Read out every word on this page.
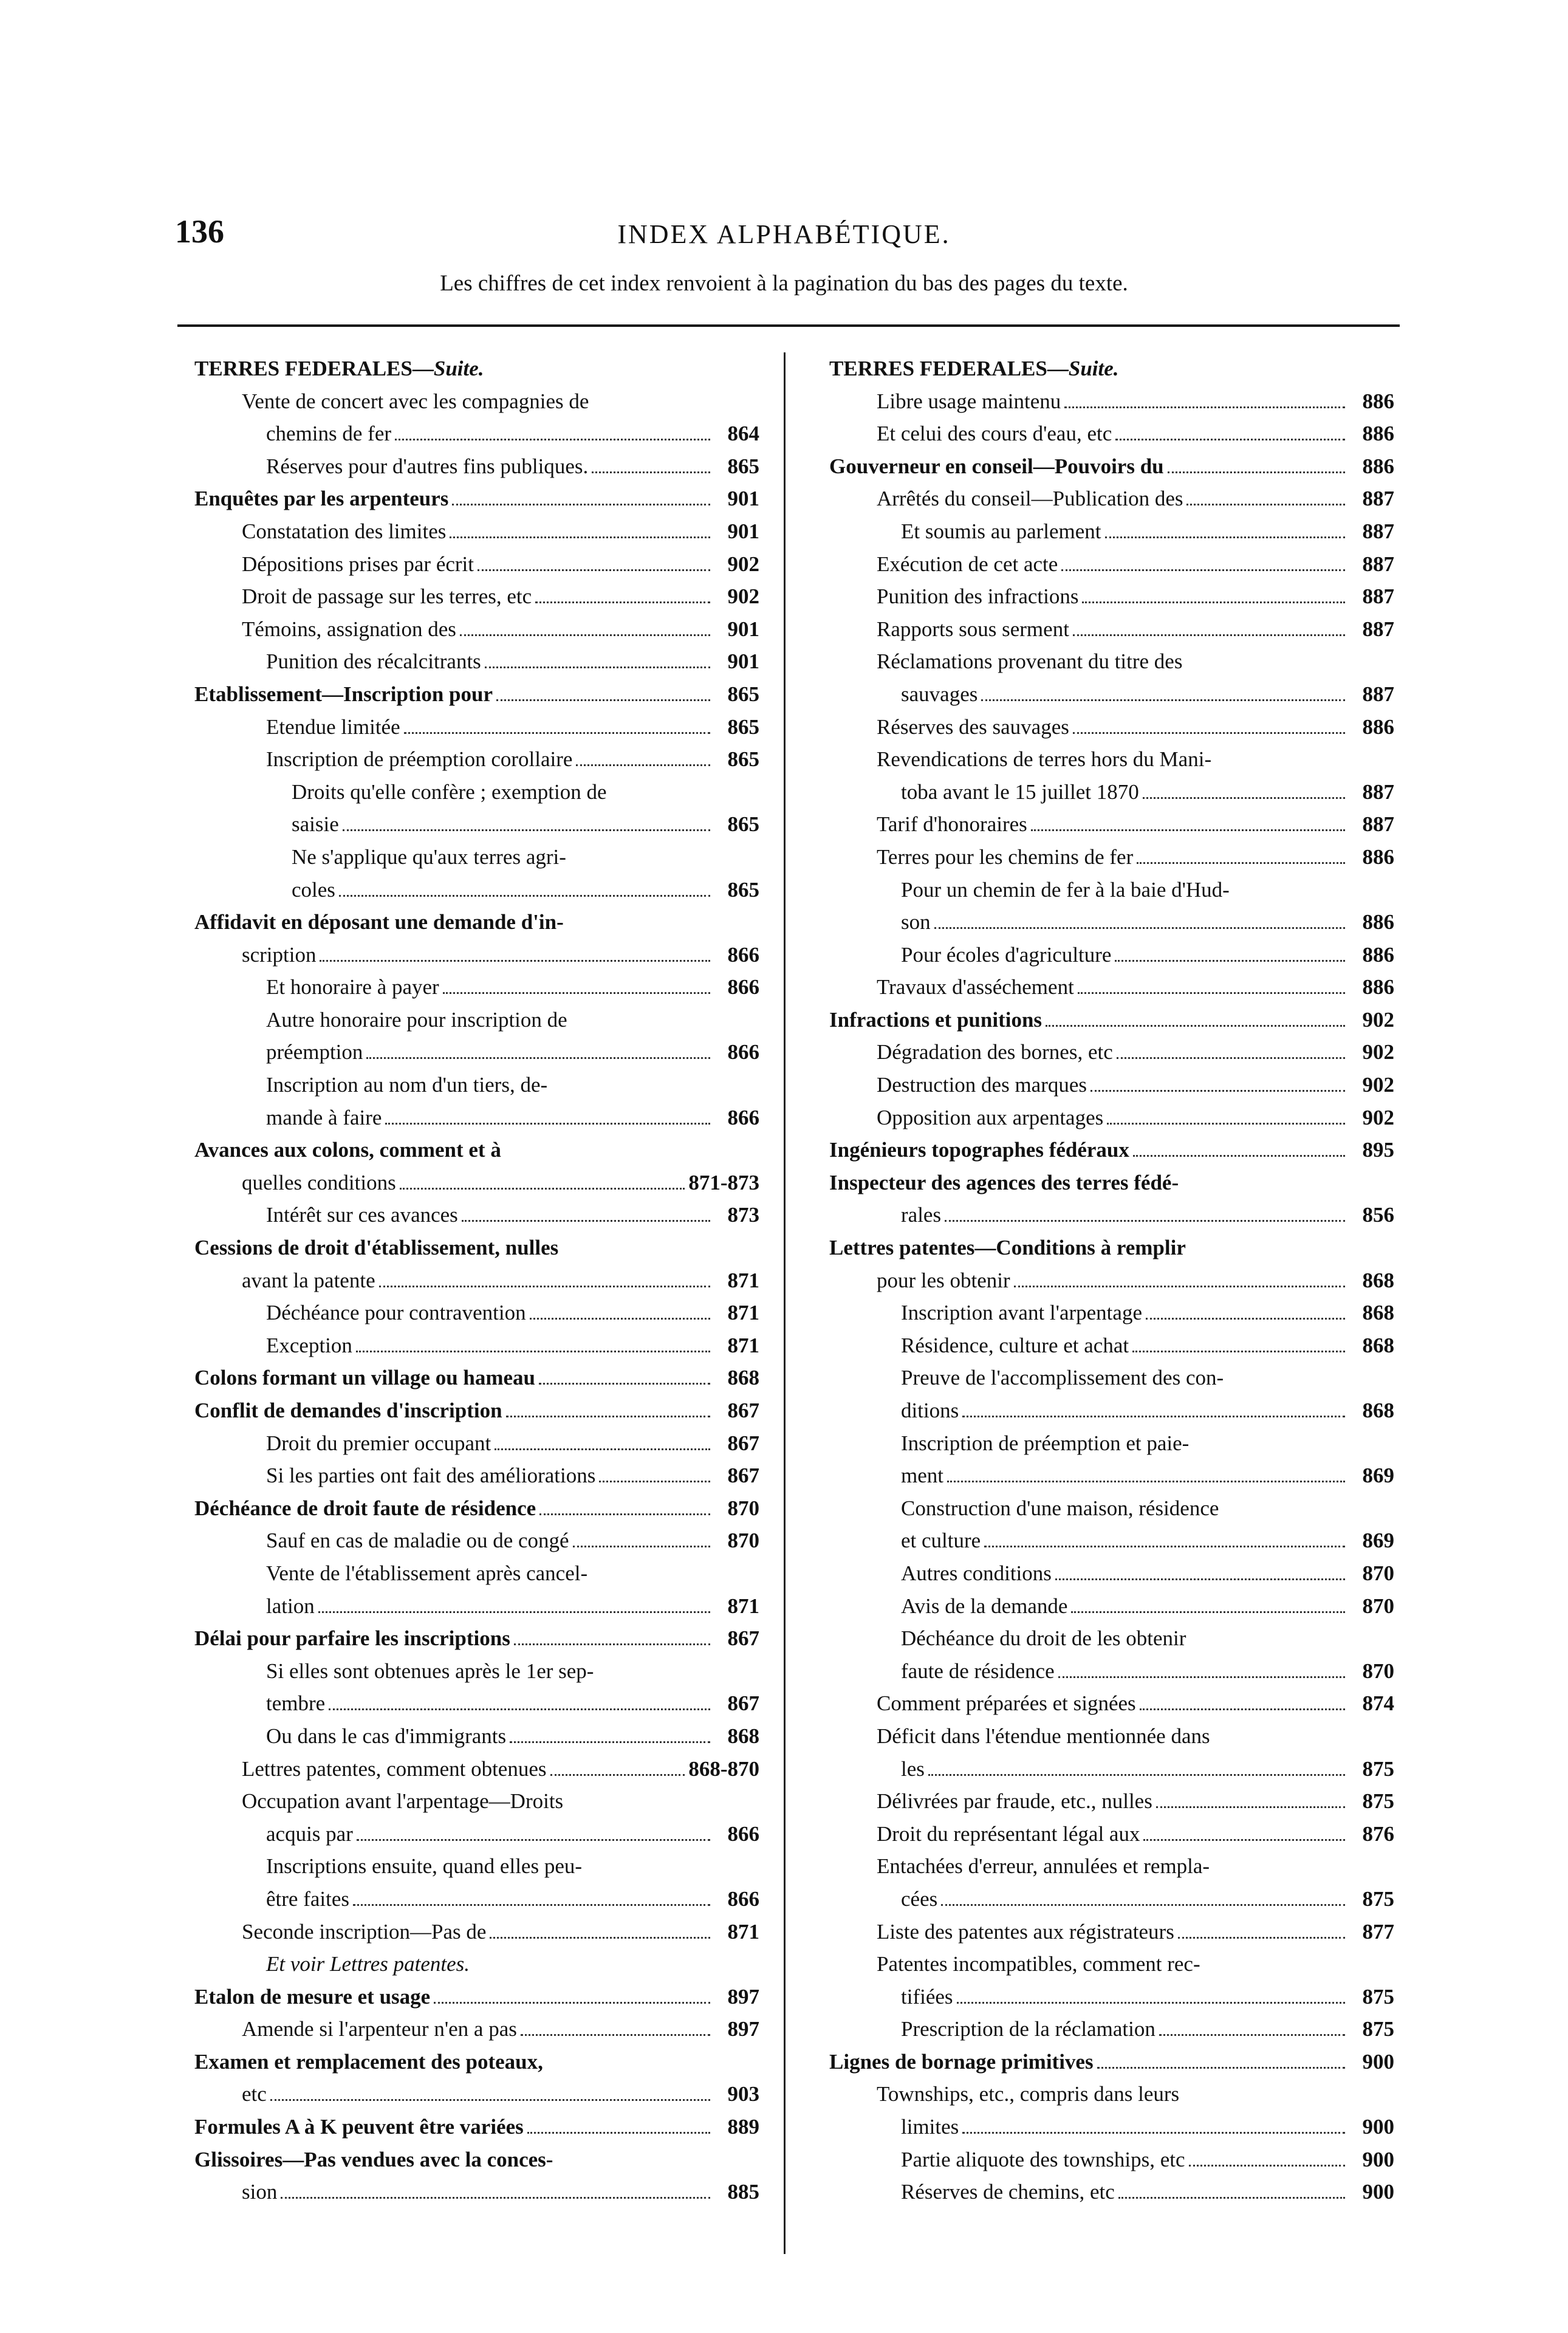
136	INDEX ALPHABÉTIQUE.
Les chiffres de cet index renvoient à la pagination du bas des pages du texte.
TERRES FEDERALES—Suite.
Vente de concert avec les compagnies de
chemins de fer	864
Réserves pour d'autres fins publiques.	865
Enquêtes par les arpenteurs	901
Constatation des limites	901
Dépositions prises par écrit	902
Droit de passage sur les terres, etc	902
Témoins, assignation des	901
Punition des récalcitrants	901
Etablissement—Inscription pour	865
Etendue limitée	865
Inscription de préemption corollaire	865
Droits qu'elle confère ; exemption de
saisie	865
Ne s'applique qu'aux terres agri-
coles	865
Affidavit en déposant une demande d'in-
scription	866
Et honoraire à payer	866
Autre honoraire pour inscription de
préemption	866
Inscription au nom d'un tiers, de-
mande à faire	866
Avances aux colons, comment et à
quelles conditions	871-873
Intérêt sur ces avances	873
Cessions de droit d'établissement, nulles
avant la patente	871
Déchéance pour contravention	871
Exception	871
Colons formant un village ou hameau	868
Conflit de demandes d'inscription	867
Droit du premier occupant	867
Si les parties ont fait des améliorations	867
Déchéance de droit faute de résidence	870
Sauf en cas de maladie ou de congé	870
Vente de l'établissement après cancel-
lation	871
Délai pour parfaire les inscriptions	867
Si elles sont obtenues après le 1er sep-
tembre	867
Ou dans le cas d'immigrants	868
Lettres patentes, comment obtenues	868-870
Occupation avant l'arpentage—Droits
acquis par	866
Inscriptions ensuite, quand elles peu-
être faites	866
Seconde inscription—Pas de	871
Et voir Lettres patentes.
Etalon de mesure et usage	897
Amende si l'arpenteur n'en a pas	897
Examen et remplacement des poteaux,
etc	903
Formules A à K peuvent être variées	889
Glissoires—Pas vendues avec la conces-
sion	885
TERRES FEDERALES—Suite.
Libre usage maintenu	886
Et celui des cours d'eau, etc	886
Gouverneur en conseil—Pouvoirs du	886
Arrêtés du conseil—Publication des	887
Et soumis au parlement	887
Exécution de cet acte	887
Punition des infractions	887
Rapports sous serment	887
Réclamations provenant du titre des
sauvages	887
Réserves des sauvages	886
Revendications de terres hors du Mani-
toba avant le 15 juillet 1870	887
Tarif d'honoraires	887
Terres pour les chemins de fer	886
Pour un chemin de fer à la baie d'Hud-
son	886
Pour écoles d'agriculture	886
Travaux d'asséchement	886
Infractions et punitions	902
Dégradation des bornes, etc	902
Destruction des marques	902
Opposition aux arpentages	902
Ingénieurs topographes fédéraux	895
Inspecteur des agences des terres fédé-
rales	856
Lettres patentes—Conditions à remplir
pour les obtenir	868
Inscription avant l'arpentage	868
Résidence, culture et achat	868
Preuve de l'accomplissement des con-
ditions	868
Inscription de préemption et paie-
ment	869
Construction d'une maison, résidence
et culture	869
Autres conditions	870
Avis de la demande	870
Déchéance du droit de les obtenir
faute de résidence	870
Comment préparées et signées	874
Déficit dans l'étendue mentionnée dans
les	875
Délivrées par fraude, etc., nulles	875
Droit du représentant légal aux	876
Entachées d'erreur, annulées et rempla-
cées	875
Liste des patentes aux régistrateurs	877
Patentes incompatibles, comment rec-
tifiées	875
Prescription de la réclamation	875
Lignes de bornage primitives	900
Townships, etc., compris dans leurs
limites	900
Partie aliquote des townships, etc	900
Réserves de chemins, etc	900
